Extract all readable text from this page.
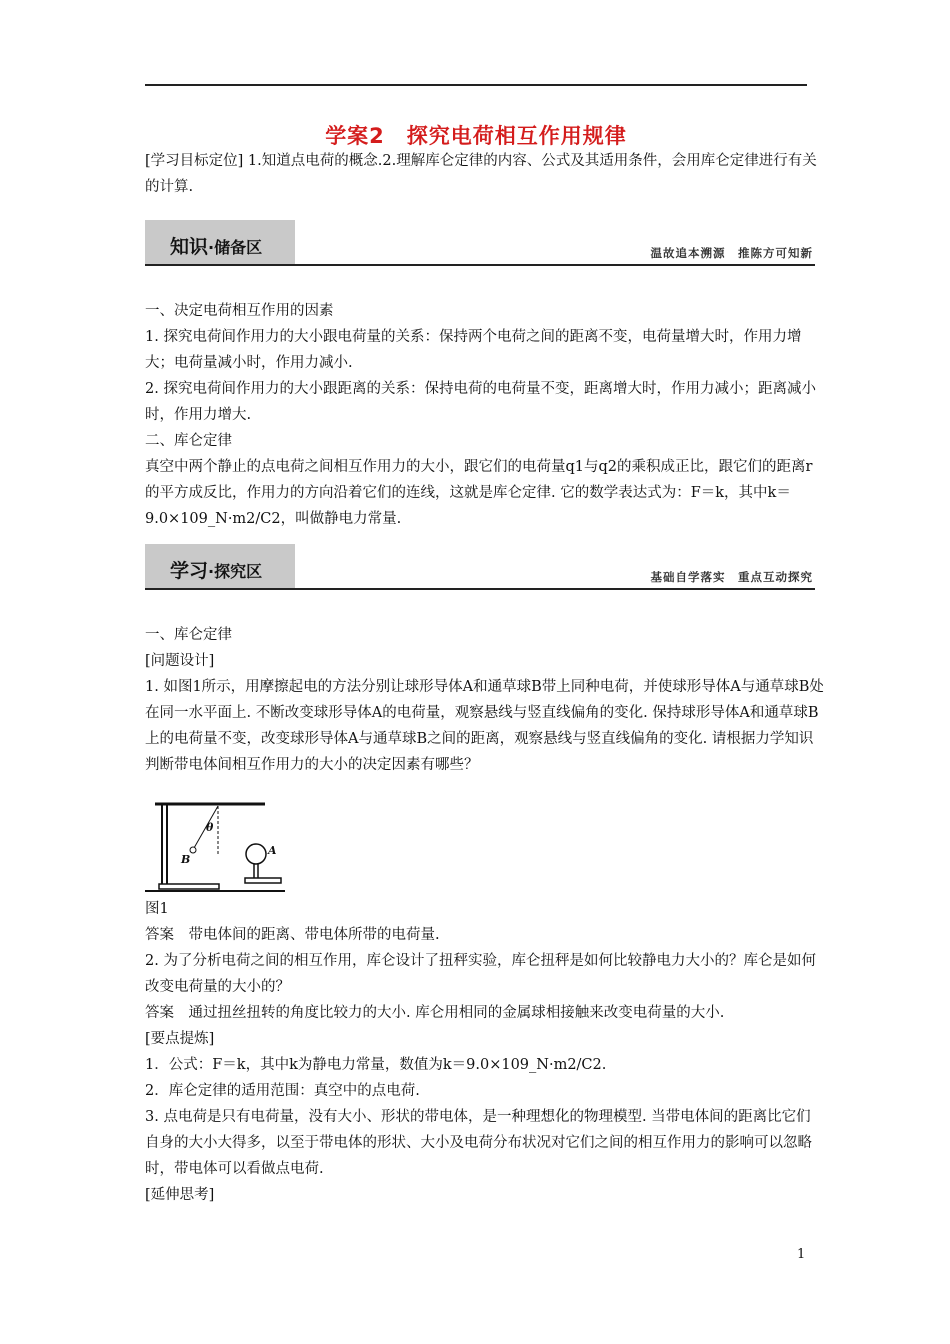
学案2　探究电荷相互作用规律

[学习目标定位] 1.知道点电荷的概念.2.理解库仑定律的内容、公式及其适用条件，会用库仑定律进行有关的计算.

知识·储备区	温故追本溯源　推陈方可知新

一、决定电荷相互作用的因素

1. 探究电荷间作用力的大小跟电荷量的关系：保持两个电荷之间的距离不变，电荷量增大时，作用力增大；电荷量减小时，作用力减小.

2. 探究电荷间作用力的大小跟距离的关系：保持电荷的电荷量不变，距离增大时，作用力减小；距离减小时，作用力增大.

二、库仑定律

真空中两个静止的点电荷之间相互作用力的大小，跟它们的电荷量q1与q2的乘积成正比，跟它们的距离r的平方成反比，作用力的方向沿着它们的连线，这就是库仑定律. 它的数学表达式为：F＝k，其中k＝9.0×109_N·m2/C2，叫做静电力常量.

学习·探究区	基础自学落实　重点互动探究

一、库仑定律

[问题设计]

1. 如图1所示，用摩擦起电的方法分别让球形导体A和通草球B带上同种电荷，并使球形导体A与通草球B处在同一水平面上. 不断改变球形导体A的电荷量，观察悬线与竖直线偏角的变化. 保持球形导体A和通草球B上的电荷量不变，改变球形导体A与通草球B之间的距离，观察悬线与竖直线偏角的变化. 请根据力学知识判断带电体间相互作用力的大小的决定因素有哪些？

θ
B
A

图1

答案　带电体间的距离、带电体所带的电荷量.

2. 为了分析电荷之间的相互作用，库仑设计了扭秤实验，库仑扭秤是如何比较静电力大小的？库仑是如何改变电荷量的大小的？

答案　通过扭丝扭转的角度比较力的大小. 库仑用相同的金属球相接触来改变电荷量的大小.

[要点提炼]

1．公式：F＝k，其中k为静电力常量，数值为k＝9.0×109_N·m2/C2.

2．库仑定律的适用范围：真空中的点电荷.

3. 点电荷是只有电荷量，没有大小、形状的带电体，是一种理想化的物理模型. 当带电体间的距离比它们自身的大小大得多，以至于带电体的形状、大小及电荷分布状况对它们之间的相互作用力的影响可以忽略时，带电体可以看做点电荷.

[延伸思考]

1
